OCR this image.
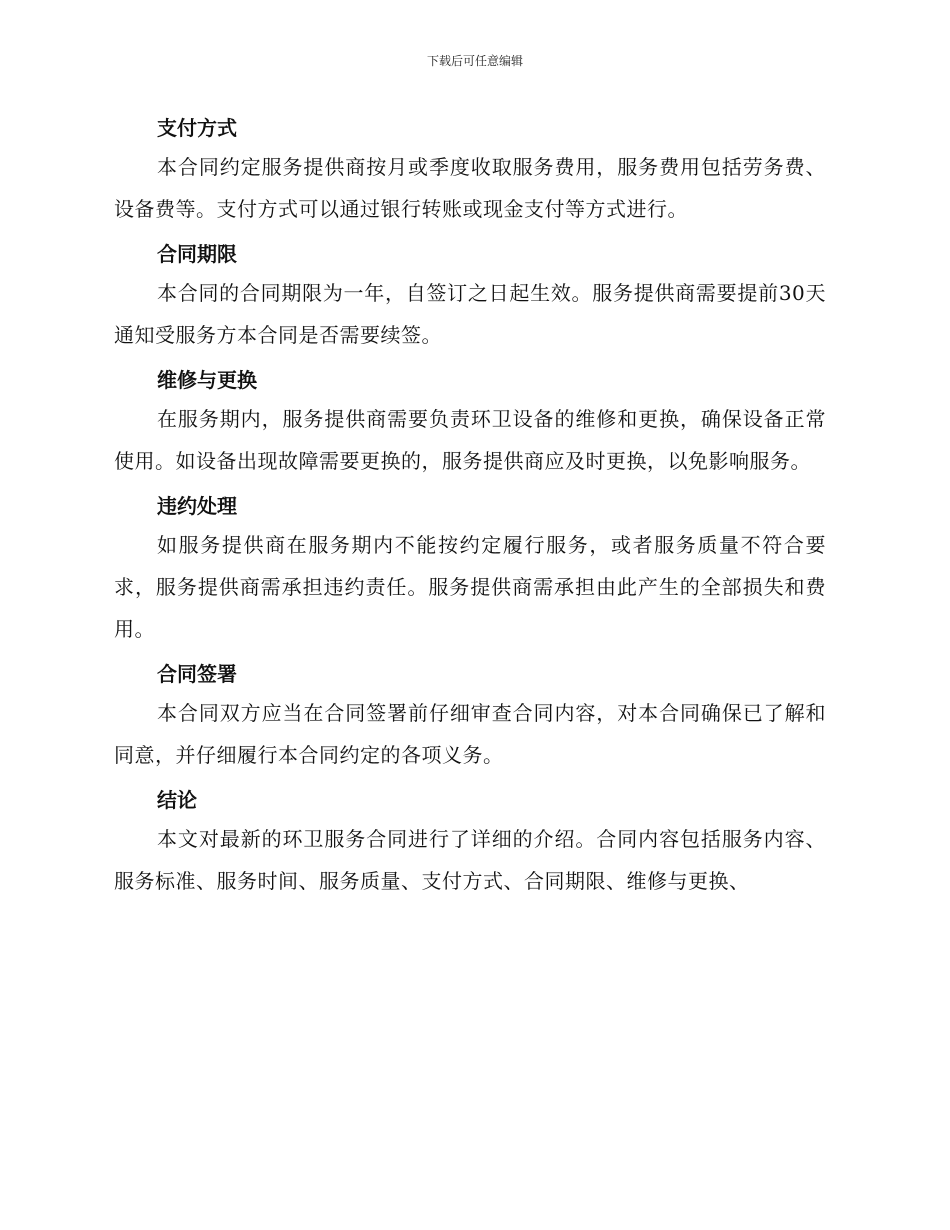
下载后可任意编辑
支付方式

本合同约定服务提供商按月或季度收取服务费用，服务费用包括劳务费、设备费等。支付方式可以通过银行转账或现金支付等方式进行。

合同期限

本合同的合同期限为一年，自签订之日起生效。服务提供商需要提前30天通知受服务方本合同是否需要续签。

维修与更换

在服务期内，服务提供商需要负责环卫设备的维修和更换，确保设备正常使用。如设备出现故障需要更换的，服务提供商应及时更换，以免影响服务。

违约处理

如服务提供商在服务期内不能按约定履行服务，或者服务质量不符合要求，服务提供商需承担违约责任。服务提供商需承担由此产生的全部损失和费用。

合同签署

本合同双方应当在合同签署前仔细审查合同内容，对本合同确保已了解和同意，并仔细履行本合同约定的各项义务。

结论

本文对最新的环卫服务合同进行了详细的介绍。合同内容包括服务内容、服务标准、服务时间、服务质量、支付方式、合同期限、维修与更换、
